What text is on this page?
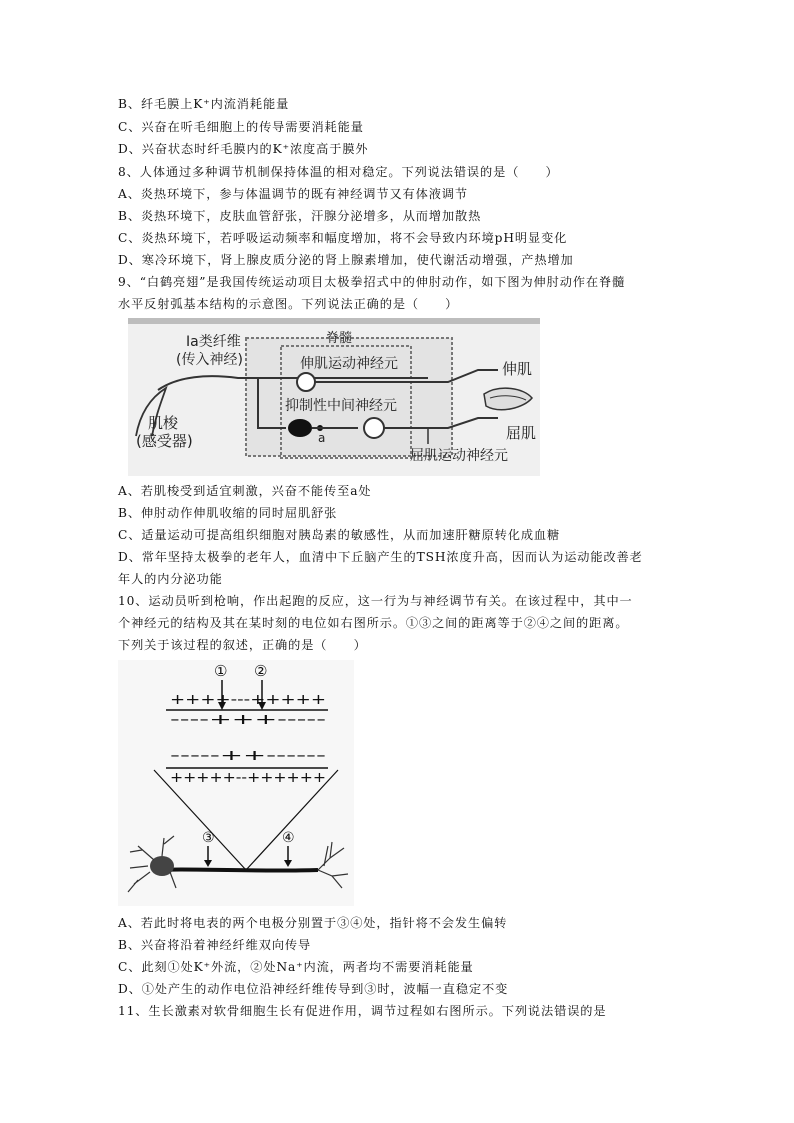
B、纤毛膜上K⁺内流消耗能量
C、兴奋在听毛细胞上的传导需要消耗能量
D、兴奋状态时纤毛膜内的K⁺浓度高于膜外
8、人体通过多种调节机制保持体温的相对稳定。下列说法错误的是（　　）
A、炎热环境下，参与体温调节的既有神经调节又有体液调节
B、炎热环境下，皮肤血管舒张，汗腺分泌增多，从而增加散热
C、炎热环境下，若呼吸运动频率和幅度增加，将不会导致内环境pH明显变化
D、寒冷环境下，肾上腺皮质分泌的肾上腺素增加，使代谢活动增强，产热增加
9、“白鹤亮翅”是我国传统运动项目太极拳招式中的伸肘动作，如下图为伸肘动作在脊髓
水平反射弧基本结构的示意图。下列说法正确的是（　　）
脊髓
Ia类纤维
(传入神经)	伸肌运动神经元
抑制性中间神经元
a
屈肌运动神经元
肌梭
(感受器)
伸肌
屈肌
A、若肌梭受到适宜刺激，兴奋不能传至a处
B、伸肘动作伸肌收缩的同时屈肌舒张
C、适量运动可提高组织细胞对胰岛素的敏感性，从而加速肝糖原转化成血糖
D、常年坚持太极拳的老年人，血清中下丘脑产生的TSH浓度升高，因而认为运动能改善老
年人的内分泌功能
10、运动员听到枪响，作出起跑的反应，这一行为与神经调节有关。在该过程中，其中一
个神经元的结构及其在某时刻的电位如右图所示。①③之间的距离等于②④之间的距离。
下列关于该过程的叙述，正确的是（　　）
① ②
++++---+++++
----+++-----
-----++------
+++++--++++++
③	④
A、若此时将电表的两个电极分别置于③④处，指针将不会发生偏转
B、兴奋将沿着神经纤维双向传导
C、此刻①处K⁺外流，②处Na⁺内流，两者均不需要消耗能量
D、①处产生的动作电位沿神经纤维传导到③时，波幅一直稳定不变
11、生长激素对软骨细胞生长有促进作用，调节过程如右图所示。下列说法错误的是
